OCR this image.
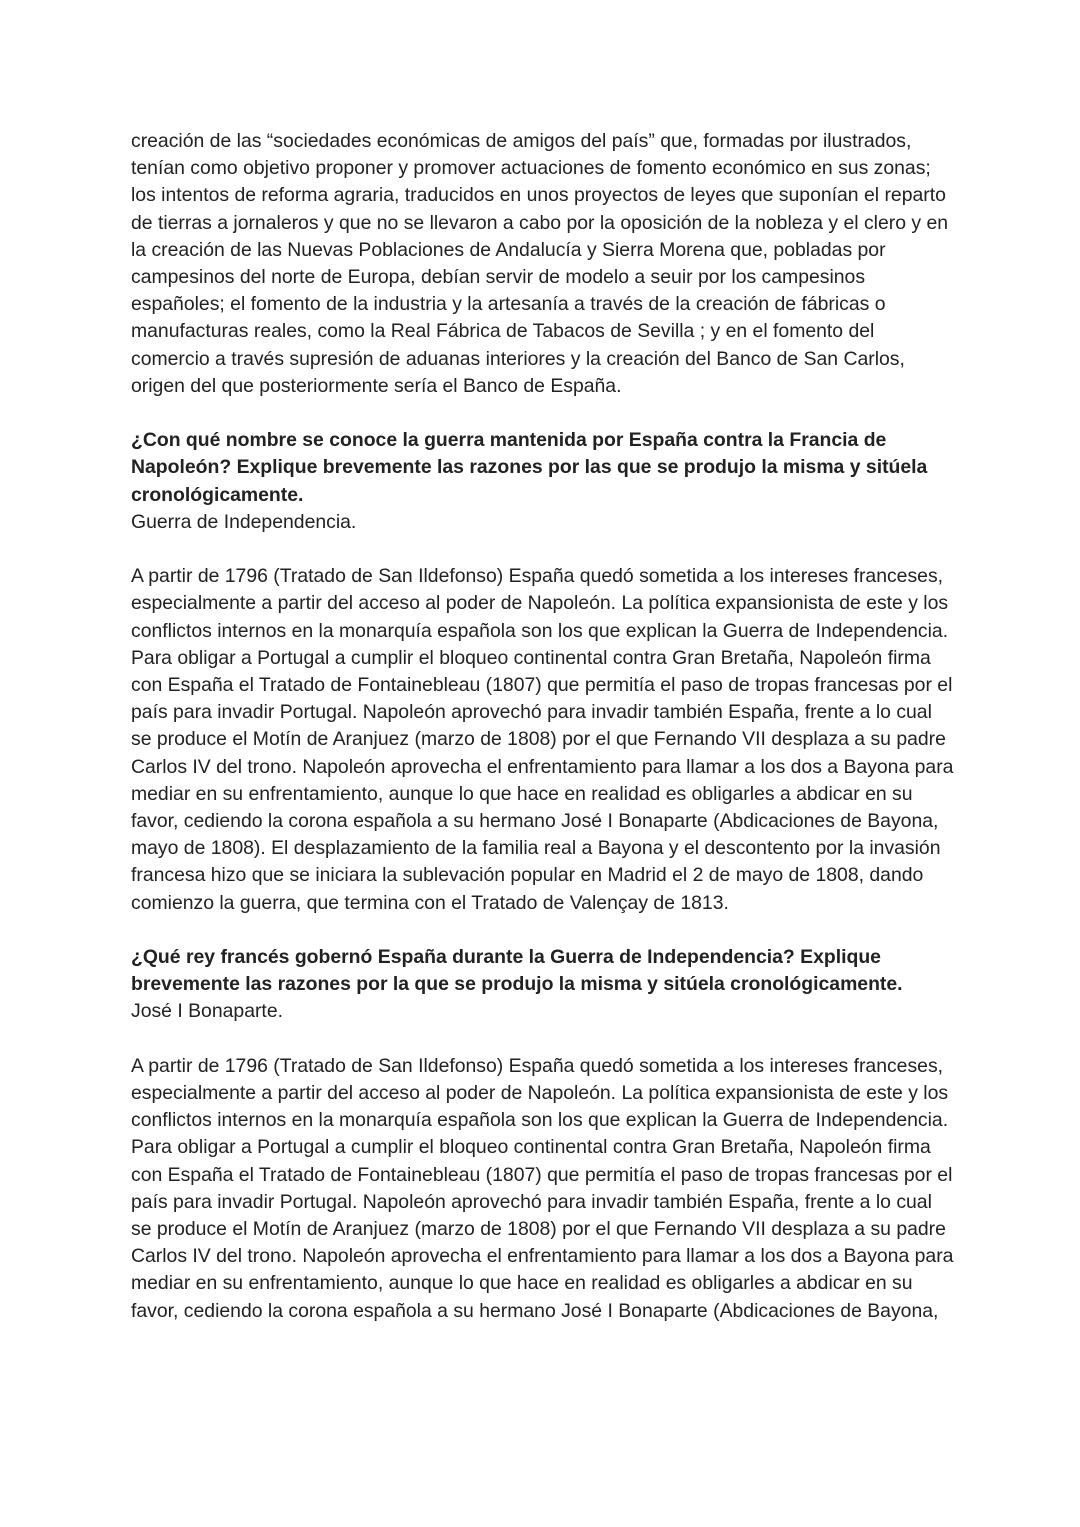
creación de las “sociedades económicas de amigos del país” que, formadas por ilustrados, tenían como objetivo proponer y promover actuaciones de fomento económico en sus zonas; los intentos de reforma agraria, traducidos en unos proyectos de leyes que suponían el reparto de tierras a jornaleros y que no se llevaron a cabo por la oposición de la nobleza y el clero y en la creación de las Nuevas Poblaciones de Andalucía y Sierra Morena que, pobladas por campesinos del norte de Europa, debían servir de modelo a seuir por los campesinos españoles; el fomento de la industria y la artesanía a través de la creación de fábricas o manufacturas reales, como la Real Fábrica de Tabacos de Sevilla ; y en el fomento del comercio a través supresión de aduanas interiores y la creación del Banco de San Carlos, origen del que posteriormente sería el Banco de España.

¿Con qué nombre se conoce la guerra mantenida por España contra la Francia de Napoleón? Explique brevemente las razones por las que se produjo la misma y sitúela cronológicamente.

Guerra de Independencia.

A partir de 1796 (Tratado de San Ildefonso) España quedó sometida a los intereses franceses, especialmente a partir del acceso al poder de Napoleón. La política expansionista de este y los conflictos internos en la monarquía española son los que explican la Guerra de Independencia. Para obligar a Portugal a cumplir el bloqueo continental contra Gran Bretaña, Napoleón firma con España el Tratado de Fontainebleau (1807) que permitía el paso de tropas francesas por el país para invadir Portugal. Napoleón aprovechó para invadir también España, frente a lo cual se produce el Motín de Aranjuez (marzo de 1808) por el que Fernando VII desplaza a su padre Carlos IV del trono. Napoleón aprovecha el enfrentamiento para llamar a los dos a Bayona para mediar en su enfrentamiento, aunque lo que hace en realidad es obligarles a abdicar en su favor, cediendo la corona española a su hermano José I Bonaparte (Abdicaciones de Bayona, mayo de 1808). El desplazamiento de la familia real a Bayona y el descontento por la invasión francesa hizo que se iniciara la sublevación popular en Madrid el 2 de mayo de 1808, dando comienzo la guerra, que termina con el Tratado de Valençay de 1813.

¿Qué rey francés gobernó España durante la Guerra de Independencia? Explique brevemente las razones por la que se produjo la misma y sitúela cronológicamente.

José I Bonaparte.

A partir de 1796 (Tratado de San Ildefonso) España quedó sometida a los intereses franceses, especialmente a partir del acceso al poder de Napoleón. La política expansionista de este y los conflictos internos en la monarquía española son los que explican la Guerra de Independencia. Para obligar a Portugal a cumplir el bloqueo continental contra Gran Bretaña, Napoleón firma con España el Tratado de Fontainebleau (1807) que permitía el paso de tropas francesas por el país para invadir Portugal. Napoleón aprovechó para invadir también España, frente a lo cual se produce el Motín de Aranjuez (marzo de 1808) por el que Fernando VII desplaza a su padre Carlos IV del trono. Napoleón aprovecha el enfrentamiento para llamar a los dos a Bayona para mediar en su enfrentamiento, aunque lo que hace en realidad es obligarles a abdicar en su favor, cediendo la corona española a su hermano José I Bonaparte (Abdicaciones de Bayona,
